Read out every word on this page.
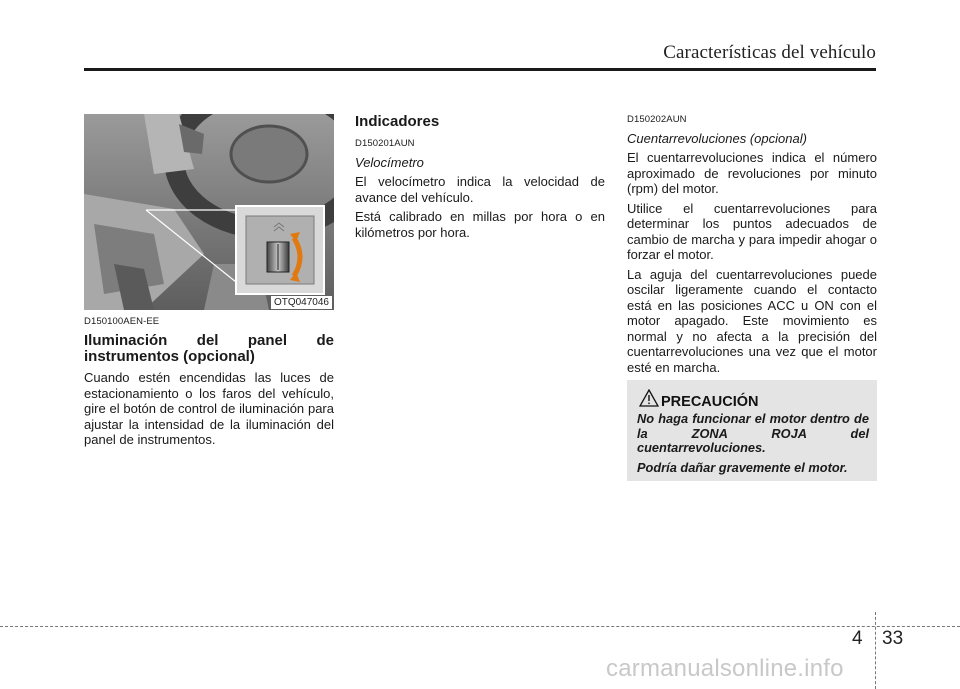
Características del vehículo
OTQ047046
D150100AEN-EE
Iluminación del panel de instrumentos (opcional)
Cuando estén encendidas las luces de estacionamiento o los faros del vehículo, gire el botón de control de iluminación para ajustar la intensidad de la iluminación del panel de instrumentos.
Indicadores
D150201AUN
Velocímetro
El velocímetro indica la velocidad de avance del vehículo.
Está calibrado en millas por hora o en kilómetros por hora.
D150202AUN
Cuentarrevoluciones (opcional)
El cuentarrevoluciones indica el número aproximado de revoluciones por minuto (rpm) del motor.
Utilice el cuentarrevoluciones para determinar los puntos adecuados de cambio de marcha y para impedir ahogar o forzar el motor.
La aguja del cuentarrevoluciones puede oscilar ligeramente cuando el contacto está en las posiciones ACC u ON con el motor apagado. Este movimiento es normal y no afecta a la precisión del cuentarrevoluciones una vez que el motor esté en marcha.
PRECAUCIÓN
No haga funcionar el motor dentro de la ZONA ROJA del cuentarrevoluciones.
Podría dañar gravemente el motor.
4 33
carmanualsonline.info
